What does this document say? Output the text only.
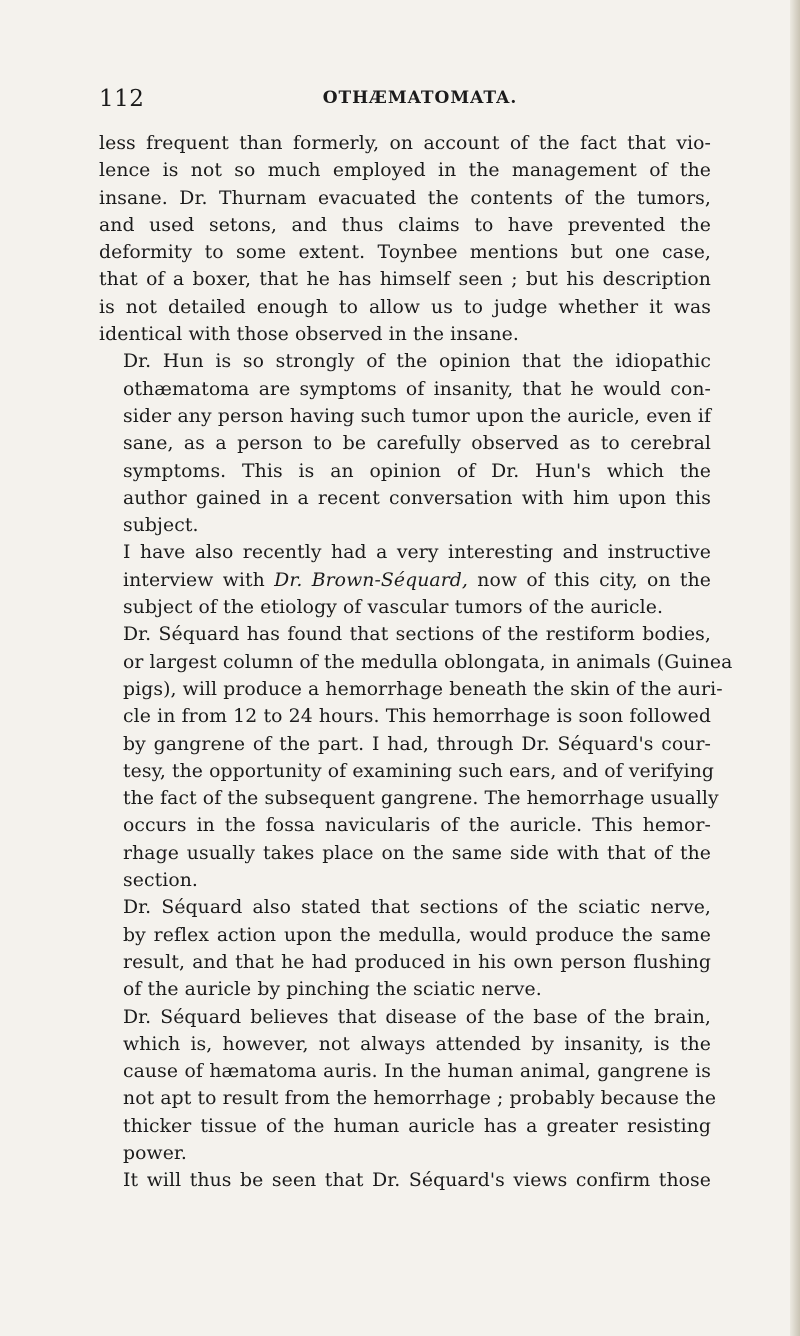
112	OTHÆMATOMATA.
less frequent than formerly, on account of the fact that vio-
lence is not so much employed in the management of the
insane. Dr. Thurnam evacuated the contents of the tumors,
and used setons, and thus claims to have prevented the
deformity to some extent. Toynbee mentions but one case,
that of a boxer, that he has himself seen ; but his description
is not detailed enough to allow us to judge whether it was
identical with those observed in the insane.
Dr. Hun is so strongly of the opinion that the idiopathic
othæmatoma are symptoms of insanity, that he would con-
sider any person having such tumor upon the auricle, even if
sane, as a person to be carefully observed as to cerebral
symptoms. This is an opinion of Dr. Hun's which the
author gained in a recent conversation with him upon this
subject.
I have also recently had a very interesting and instructive
interview with Dr. Brown-Séquard, now of this city, on the
subject of the etiology of vascular tumors of the auricle.
Dr. Séquard has found that sections of the restiform bodies,
or largest column of the medulla oblongata, in animals (Guinea
pigs), will produce a hemorrhage beneath the skin of the auri-
cle in from 12 to 24 hours. This hemorrhage is soon followed
by gangrene of the part. I had, through Dr. Séquard's cour-
tesy, the opportunity of examining such ears, and of verifying
the fact of the subsequent gangrene. The hemorrhage usually
occurs in the fossa navicularis of the auricle. This hemor-
rhage usually takes place on the same side with that of the
section.
Dr. Séquard also stated that sections of the sciatic nerve,
by reflex action upon the medulla, would produce the same
result, and that he had produced in his own person flushing
of the auricle by pinching the sciatic nerve.
Dr. Séquard believes that disease of the base of the brain,
which is, however, not always attended by insanity, is the
cause of hæmatoma auris. In the human animal, gangrene is
not apt to result from the hemorrhage ; probably because the
thicker tissue of the human auricle has a greater resisting
power.
It will thus be seen that Dr. Séquard's views confirm those
